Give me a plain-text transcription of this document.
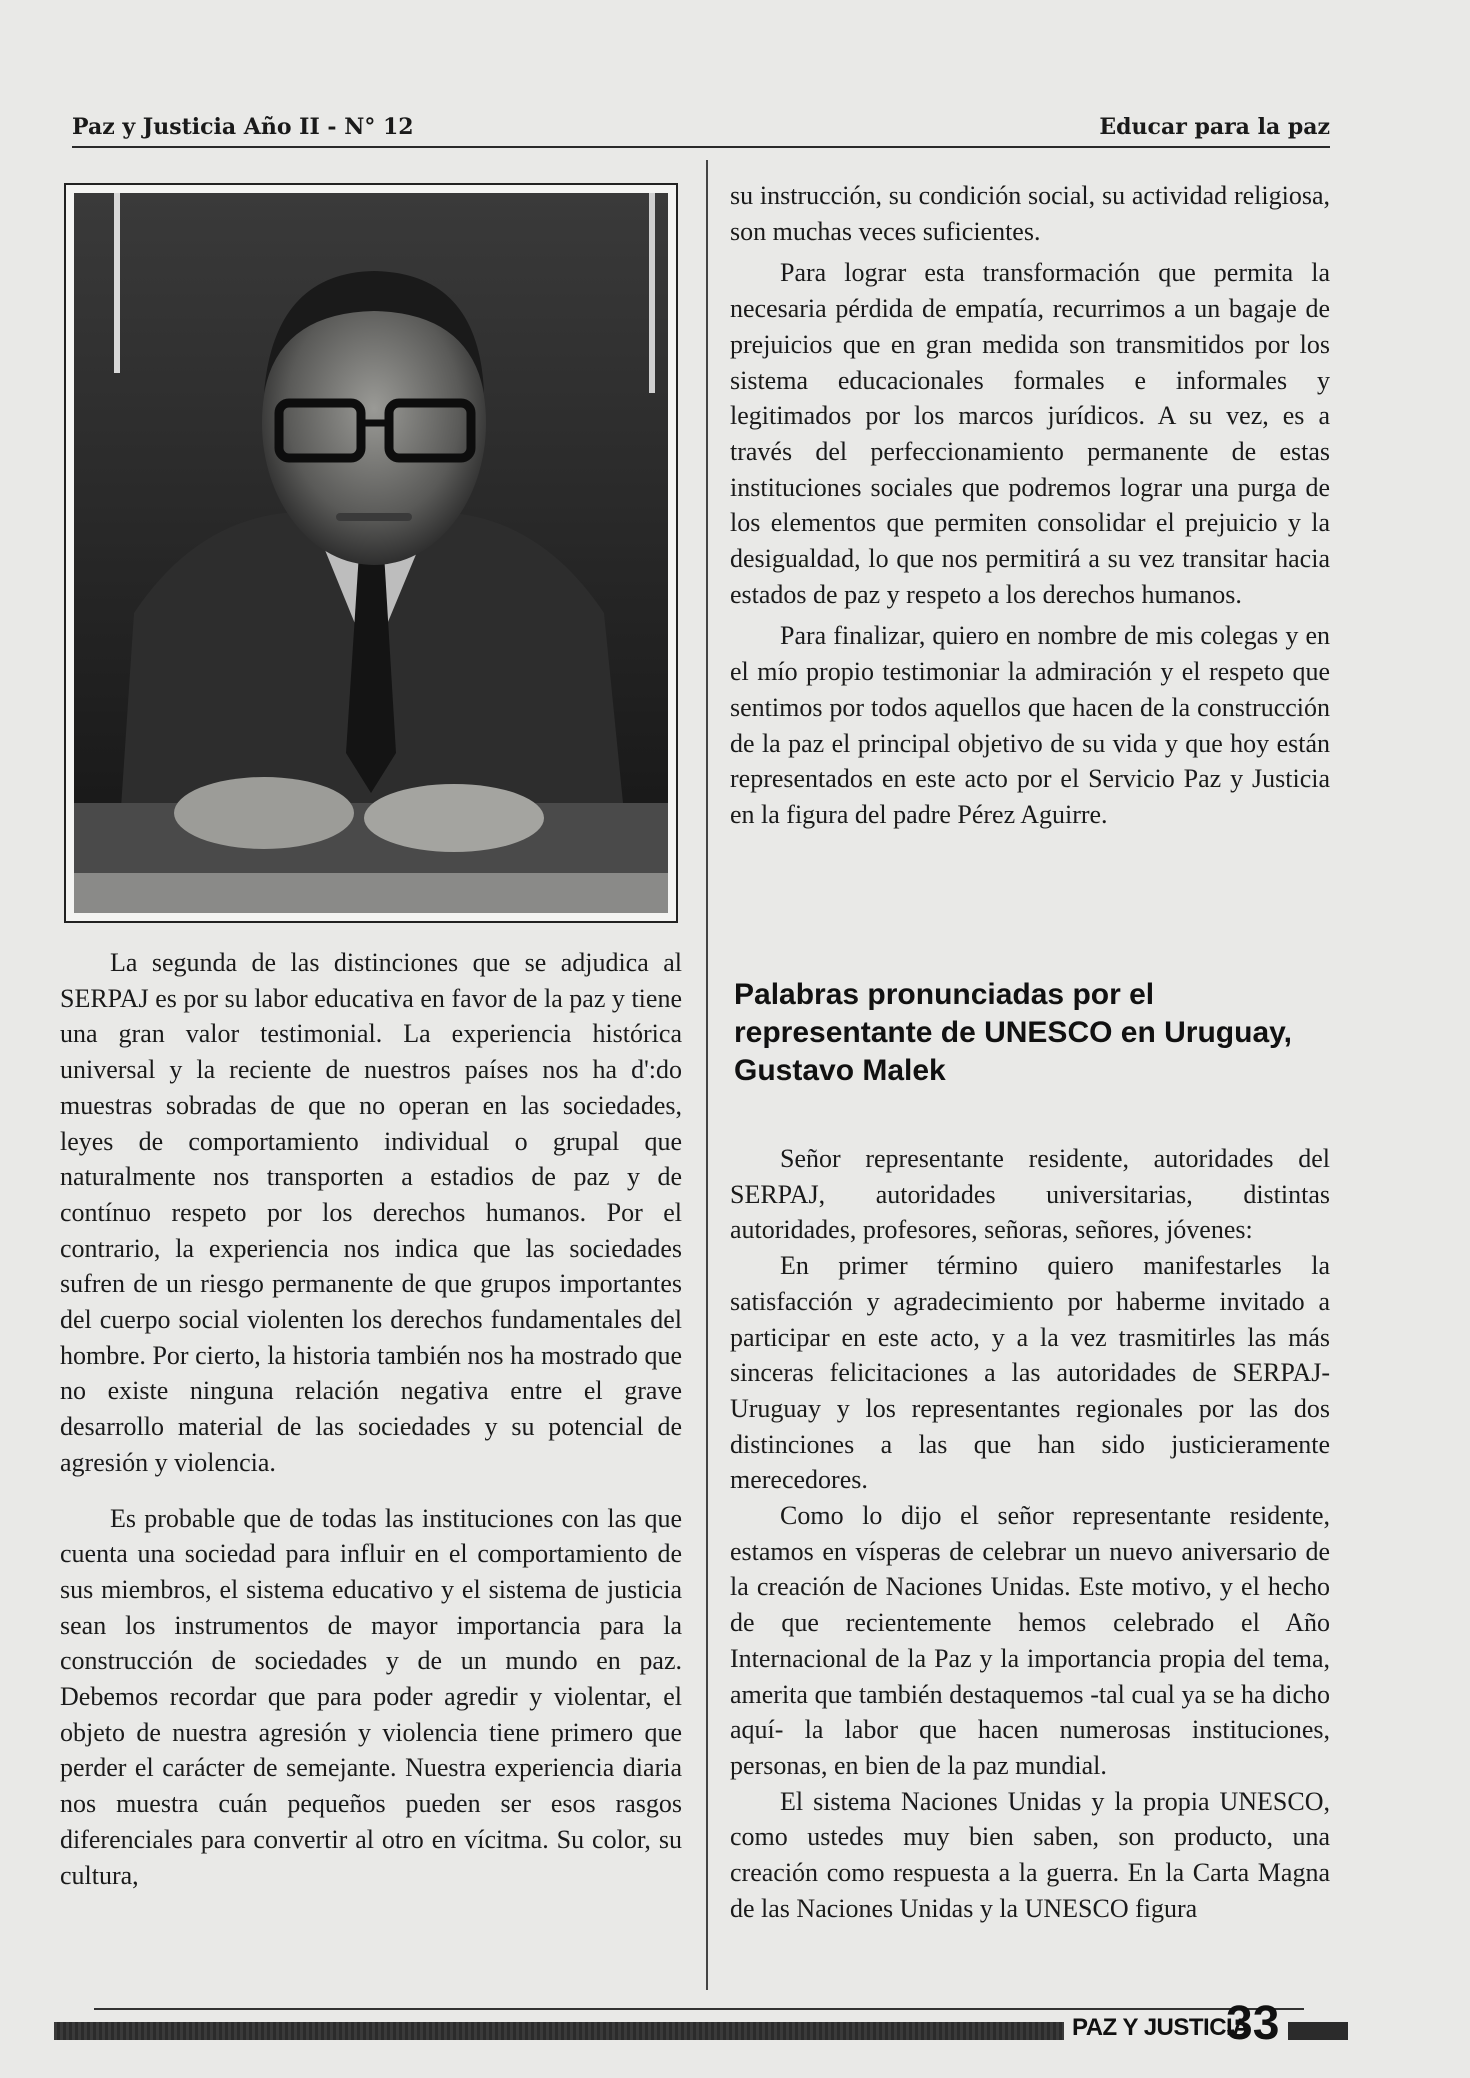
Paz y Justicia Año II - N° 12	Educar para la paz

La segunda de las distinciones que se adjudica al SERPAJ es por su labor educativa en favor de la paz y tiene una gran valor testimonial. La experiencia histórica universal y la reciente de nuestros países nos ha d':do muestras sobradas de que no operan en las sociedades, leyes de comportamiento individual o grupal que naturalmente nos transporten a estadios de paz y de contínuo respeto por los derechos humanos. Por el contrario, la experiencia nos indica que las sociedades sufren de un riesgo permanente de que grupos importantes del cuerpo social violenten los derechos fundamentales del hombre. Por cierto, la historia también nos ha mostrado que no existe ninguna relación negativa entre el grave desarrollo material de las sociedades y su potencial de agresión y violencia.

Es probable que de todas las instituciones con las que cuenta una sociedad para influir en el comportamiento de sus miembros, el sistema educativo y el sistema de justicia sean los instrumentos de mayor importancia para la construcción de sociedades y de un mundo en paz. Debemos recordar que para poder agredir y violentar, el objeto de nuestra agresión y violencia tiene primero que perder el carácter de semejante. Nuestra experiencia diaria nos muestra cuán pequeños pueden ser esos rasgos diferenciales para convertir al otro en vícitma. Su color, su cultura,

su instrucción, su condición social, su actividad religiosa, son muchas veces suficientes.

Para lograr esta transformación que permita la necesaria pérdida de empatía, recurrimos a un bagaje de prejuicios que en gran medida son transmitidos por los sistema educacionales formales e informales y legitimados por los marcos jurídicos. A su vez, es a través del perfeccionamiento permanente de estas instituciones sociales que podremos lograr una purga de los elementos que permiten consolidar el prejuicio y la desigualdad, lo que nos permitirá a su vez transitar hacia estados de paz y respeto a los derechos humanos.

Para finalizar, quiero en nombre de mis colegas y en el mío propio testimoniar la admiración y el respeto que sentimos por todos aquellos que hacen de la construcción de la paz el principal objetivo de su vida y que hoy están representados en este acto por el Servicio Paz y Justicia en la figura del padre Pérez Aguirre.

Palabras pronunciadas por el representante de UNESCO en Uruguay, Gustavo Malek

Señor representante residente, autoridades del SERPAJ, autoridades universitarias, distintas autoridades, profesores, señoras, señores, jóvenes:

En primer término quiero manifestarles la satisfacción y agradecimiento por haberme invitado a participar en este acto, y a la vez trasmitirles las más sinceras felicitaciones a las autoridades de SERPAJ-Uruguay y los representantes regionales por las dos distinciones a las que han sido justicieramente merecedores.

Como lo dijo el señor representante residente, estamos en vísperas de celebrar un nuevo aniversario de la creación de Naciones Unidas. Este motivo, y el hecho de que recientemente hemos celebrado el Año Internacional de la Paz y la importancia propia del tema, amerita que también destaquemos -tal cual ya se ha dicho aquí- la labor que hacen numerosas instituciones, personas, en bien de la paz mundial.

El sistema Naciones Unidas y la propia UNESCO, como ustedes muy bien saben, son producto, una creación como respuesta a la guerra. En la Carta Magna de las Naciones Unidas y la UNESCO figura

PAZ Y JUSTICIA
33
